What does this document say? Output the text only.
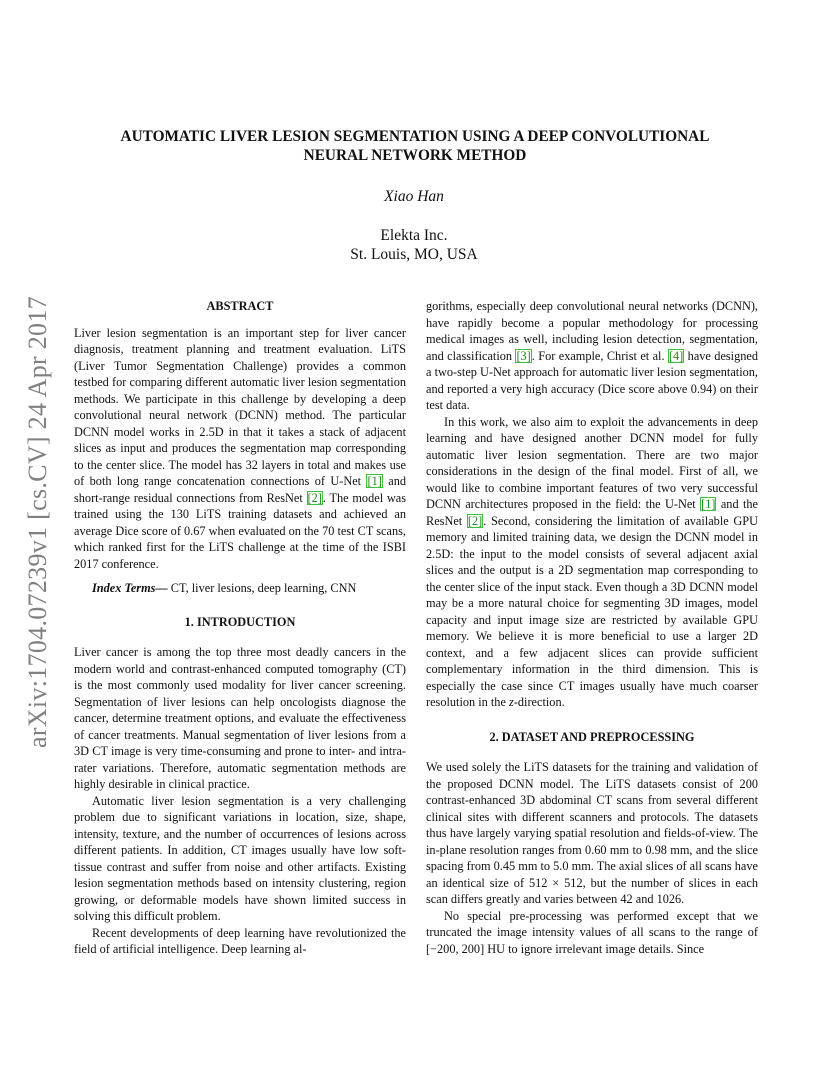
arXiv:1704.07239v1 [cs.CV] 24 Apr 2017
AUTOMATIC LIVER LESION SEGMENTATION USING A DEEP CONVOLUTIONAL
NEURAL NETWORK METHOD
Xiao Han
Elekta Inc.
St. Louis, MO, USA

ABSTRACT

Liver lesion segmentation is an important step for liver cancer diagnosis, treatment planning and treatment evaluation. LiTS (Liver Tumor Segmentation Challenge) provides a common testbed for comparing different automatic liver lesion segmentation methods. We participate in this challenge by developing a deep convolutional neural network (DCNN) method. The particular DCNN model works in 2.5D in that it takes a stack of adjacent slices as input and produces the segmentation map corresponding to the center slice. The model has 32 layers in total and makes use of both long range concatenation connections of U-Net [1] and short-range residual connections from ResNet [2]. The model was trained using the 130 LiTS training datasets and achieved an average Dice score of 0.67 when evaluated on the 70 test CT scans, which ranked first for the LiTS challenge at the time of the ISBI 2017 conference.

Index Terms— CT, liver lesions, deep learning, CNN

1. INTRODUCTION

Liver cancer is among the top three most deadly cancers in the modern world and contrast-enhanced computed tomography (CT) is the most commonly used modality for liver cancer screening. Segmentation of liver lesions can help oncologists diagnose the cancer, determine treatment options, and evaluate the effectiveness of cancer treatments. Manual segmentation of liver lesions from a 3D CT image is very time-consuming and prone to inter- and intra-rater variations. Therefore, automatic segmentation methods are highly desirable in clinical practice.

Automatic liver lesion segmentation is a very challenging problem due to significant variations in location, size, shape, intensity, texture, and the number of occurrences of lesions across different patients. In addition, CT images usually have low soft-tissue contrast and suffer from noise and other artifacts. Existing lesion segmentation methods based on intensity clustering, region growing, or deformable models have shown limited success in solving this difficult problem.

Recent developments of deep learning have revolutionized the field of artificial intelligence. Deep learning al-

gorithms, especially deep convolutional neural networks (DCNN), have rapidly become a popular methodology for processing medical images as well, including lesion detection, segmentation, and classification [3]. For example, Christ et al. [4] have designed a two-step U-Net approach for automatic liver lesion segmentation, and reported a very high accuracy (Dice score above 0.94) on their test data.

In this work, we also aim to exploit the advancements in deep learning and have designed another DCNN model for fully automatic liver lesion segmentation. There are two major considerations in the design of the final model. First of all, we would like to combine important features of two very successful DCNN architectures proposed in the field: the U-Net [1] and the ResNet [2]. Second, considering the limitation of available GPU memory and limited training data, we design the DCNN model in 2.5D: the input to the model consists of several adjacent axial slices and the output is a 2D segmentation map corresponding to the center slice of the input stack. Even though a 3D DCNN model may be a more natural choice for segmenting 3D images, model capacity and input image size are restricted by available GPU memory. We believe it is more beneficial to use a larger 2D context, and a few adjacent slices can provide sufficient complementary information in the third dimension. This is especially the case since CT images usually have much coarser resolution in the z-direction.

2. DATASET AND PREPROCESSING

We used solely the LiTS datasets for the training and validation of the proposed DCNN model. The LiTS datasets consist of 200 contrast-enhanced 3D abdominal CT scans from several different clinical sites with different scanners and protocols. The datasets thus have largely varying spatial resolution and fields-of-view. The in-plane resolution ranges from 0.60 mm to 0.98 mm, and the slice spacing from 0.45 mm to 5.0 mm. The axial slices of all scans have an identical size of 512 × 512, but the number of slices in each scan differs greatly and varies between 42 and 1026.

No special pre-processing was performed except that we truncated the image intensity values of all scans to the range of [−200, 200] HU to ignore irrelevant image details. Since
